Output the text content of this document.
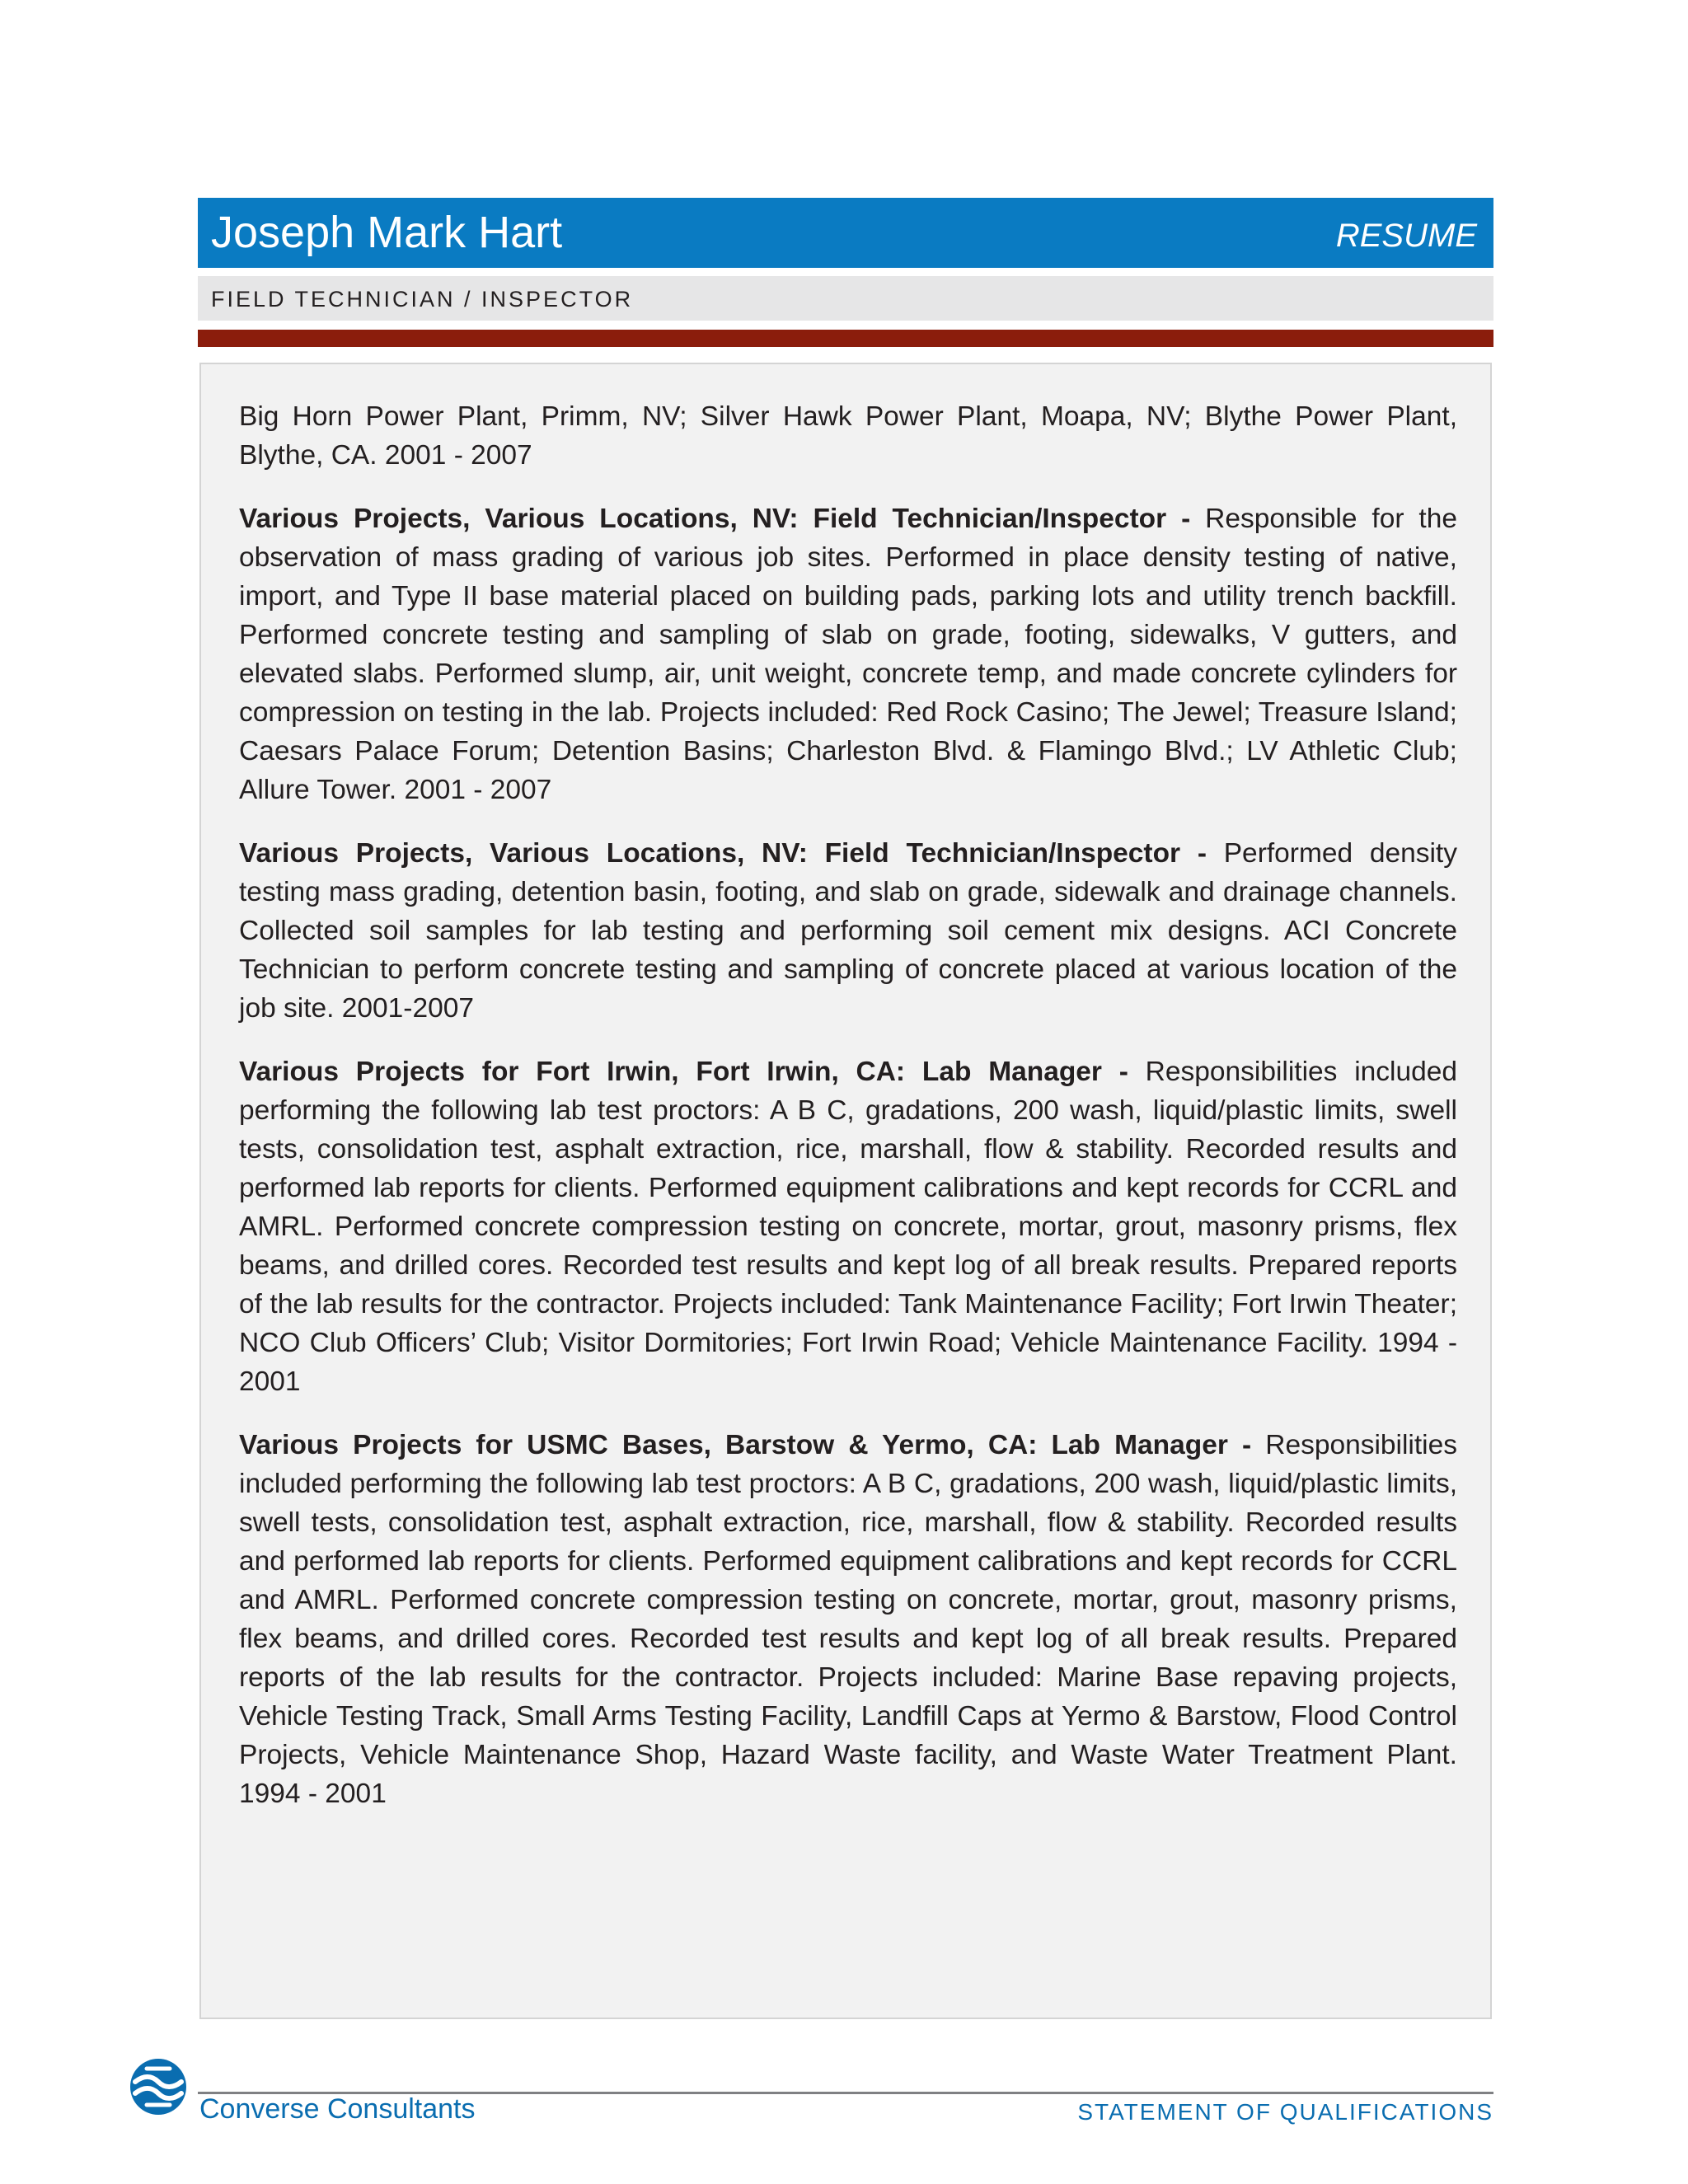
Joseph Mark Hart	RESUME
FIELD TECHNICIAN / INSPECTOR

Big Horn Power Plant, Primm, NV; Silver Hawk Power Plant, Moapa, NV; Blythe Power Plant, Blythe, CA. 2001 - 2007

Various Projects, Various Locations, NV: Field Technician/Inspector - Responsible for the observation of mass grading of various job sites. Performed in place density testing of native, import, and Type II base material placed on building pads, parking lots and utility trench backfill. Performed concrete testing and sampling of slab on grade, footing, sidewalks, V gutters, and elevated slabs. Performed slump, air, unit weight, concrete temp, and made concrete cylinders for compression on testing in the lab. Projects included: Red Rock Casino; The Jewel; Treasure Island; Caesars Palace Forum; Detention Basins; Charleston Blvd. & Flamingo Blvd.; LV Athletic Club; Allure Tower. 2001 - 2007

Various Projects, Various Locations, NV: Field Technician/Inspector - Performed density testing mass grading, detention basin, footing, and slab on grade, sidewalk and drainage channels. Collected soil samples for lab testing and performing soil cement mix designs. ACI Concrete Technician to perform concrete testing and sampling of concrete placed at various location of the job site. 2001-2007

Various Projects for Fort Irwin, Fort Irwin, CA: Lab Manager - Responsibilities included performing the following lab test proctors: A B C, gradations, 200 wash, liquid/plastic limits, swell tests, consolidation test, asphalt extraction, rice, marshall, flow & stability. Recorded results and performed lab reports for clients. Performed equipment calibrations and kept records for CCRL and AMRL. Performed concrete compression testing on concrete, mortar, grout, masonry prisms, flex beams, and drilled cores. Recorded test results and kept log of all break results. Prepared reports of the lab results for the contractor. Projects included: Tank Maintenance Facility; Fort Irwin Theater; NCO Club Officers’ Club; Visitor Dormitories; Fort Irwin Road; Vehicle Maintenance Facility. 1994 - 2001

Various Projects for USMC Bases, Barstow & Yermo, CA: Lab Manager - Responsibilities included performing the following lab test proctors: A B C, gradations, 200 wash, liquid/plastic limits, swell tests, consolidation test, asphalt extraction, rice, marshall, flow & stability. Recorded results and performed lab reports for clients. Performed equipment calibrations and kept records for CCRL and AMRL. Performed concrete compression testing on concrete, mortar, grout, masonry prisms, flex beams, and drilled cores. Recorded test results and kept log of all break results. Prepared reports of the lab results for the contractor. Projects included: Marine Base repaving projects, Vehicle Testing Track, Small Arms Testing Facility, Landfill Caps at Yermo & Barstow, Flood Control Projects, Vehicle Maintenance Shop, Hazard Waste facility, and Waste Water Treatment Plant. 1994 - 2001

Converse Consultants	STATEMENT OF QUALIFICATIONS
